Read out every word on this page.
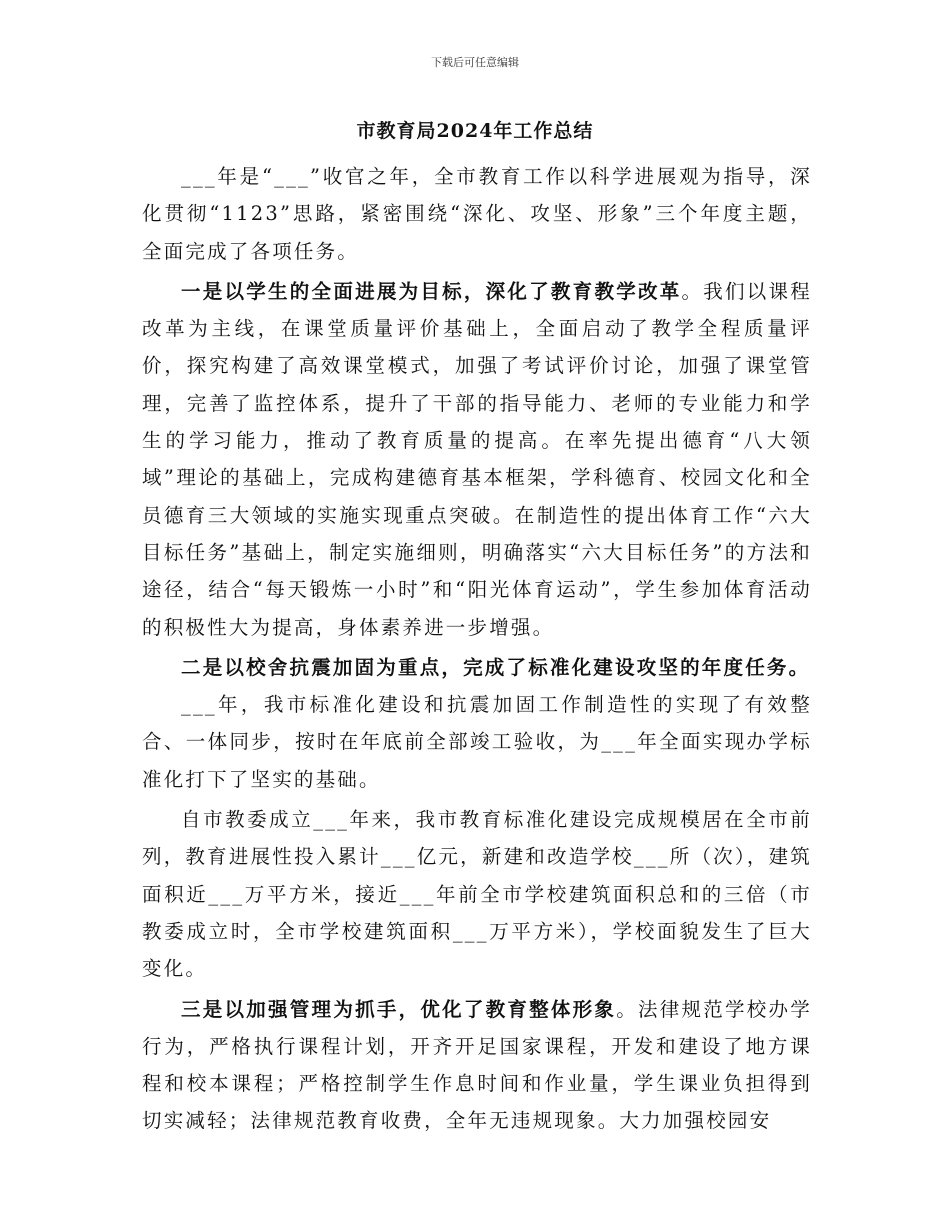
下载后可任意编辑
市教育局2024年工作总结

___年是“___”收官之年，全市教育工作以科学进展观为指导，深化贯彻“1123”思路，紧密围绕“深化、攻坚、形象”三个年度主题，全面完成了各项任务。

一是以学生的全面进展为目标，深化了教育教学改革。我们以课程改革为主线，在课堂质量评价基础上，全面启动了教学全程质量评价，探究构建了高效课堂模式，加强了考试评价讨论，加强了课堂管理，完善了监控体系，提升了干部的指导能力、老师的专业能力和学生的学习能力，推动了教育质量的提高。在率先提出德育“八大领域”理论的基础上，完成构建德育基本框架，学科德育、校园文化和全员德育三大领域的实施实现重点突破。在制造性的提出体育工作“六大目标任务”基础上，制定实施细则，明确落实“六大目标任务”的方法和途径，结合“每天锻炼一小时”和“阳光体育运动”，学生参加体育活动的积极性大为提高，身体素养进一步增强。

二是以校舍抗震加固为重点，完成了标准化建设攻坚的年度任务。

___年，我市标准化建设和抗震加固工作制造性的实现了有效整合、一体同步，按时在年底前全部竣工验收，为___年全面实现办学标准化打下了坚实的基础。

自市教委成立___年来，我市教育标准化建设完成规模居在全市前列，教育进展性投入累计___亿元，新建和改造学校___所（次），建筑面积近___万平方米，接近___年前全市学校建筑面积总和的三倍（市教委成立时，全市学校建筑面积___万平方米），学校面貌发生了巨大变化。

三是以加强管理为抓手，优化了教育整体形象。法律规范学校办学行为，严格执行课程计划，开齐开足国家课程，开发和建设了地方课程和校本课程；严格控制学生作息时间和作业量，学生课业负担得到切实减轻；法律规范教育收费，全年无违规现象。大力加强校园安
